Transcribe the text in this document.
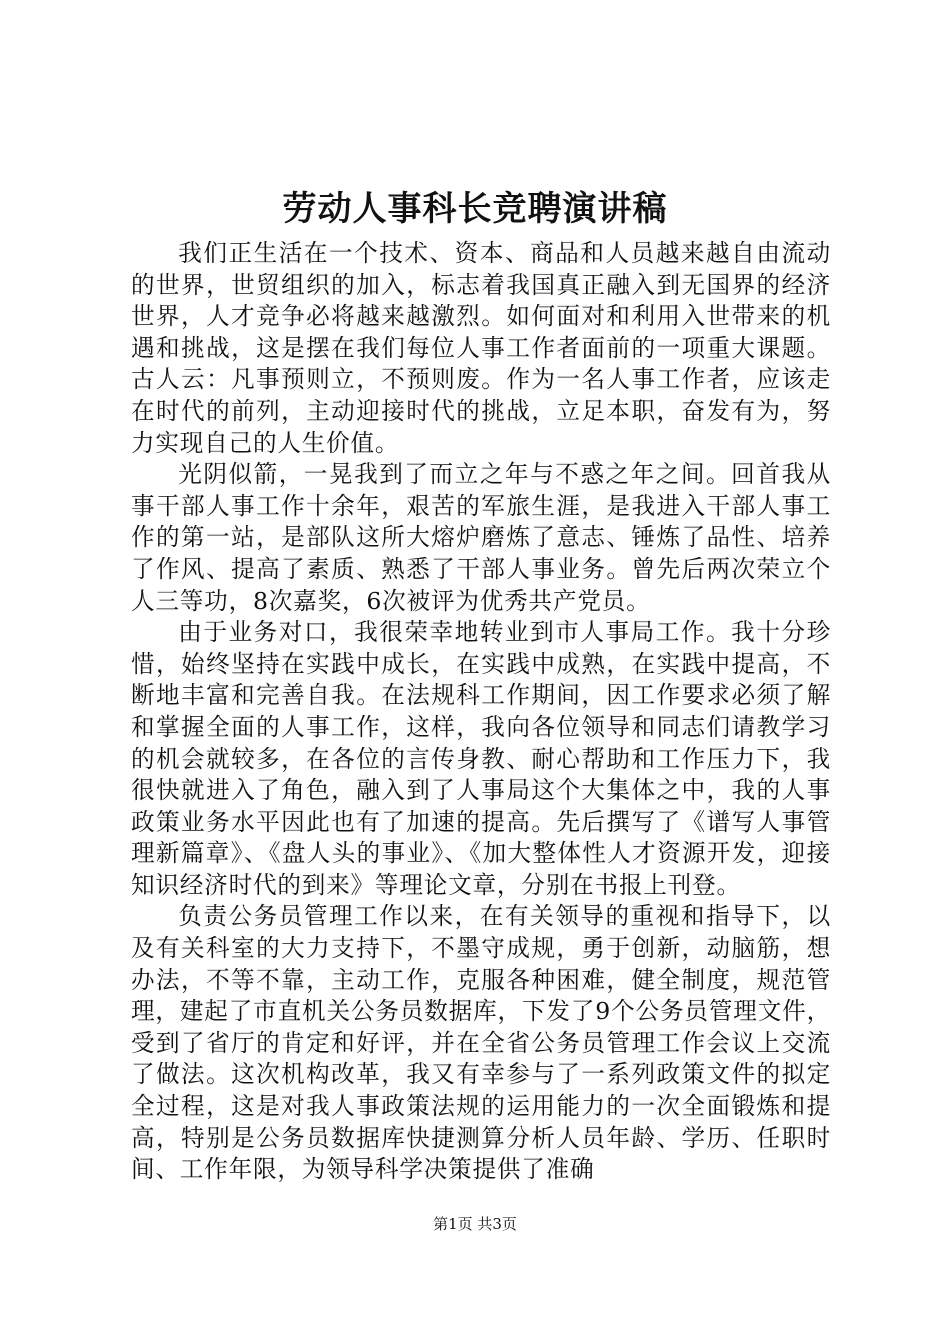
劳动人事科长竞聘演讲稿

我们正生活在一个技术、资本、商品和人员越来越自由流动的世界，世贸组织的加入，标志着我国真正融入到无国界的经济世界，人才竞争必将越来越激烈。如何面对和利用入世带来的机遇和挑战，这是摆在我们每位人事工作者面前的一项重大课题。古人云：凡事预则立，不预则废。作为一名人事工作者，应该走在时代的前列，主动迎接时代的挑战，立足本职，奋发有为，努力实现自己的人生价值。

光阴似箭，一晃我到了而立之年与不惑之年之间。回首我从事干部人事工作十余年，艰苦的军旅生涯，是我进入干部人事工作的第一站，是部队这所大熔炉磨炼了意志、锤炼了品性、培养了作风、提高了素质、熟悉了干部人事业务。曾先后两次荣立个人三等功，8次嘉奖，6次被评为优秀共产党员。

由于业务对口，我很荣幸地转业到市人事局工作。我十分珍惜，始终坚持在实践中成长，在实践中成熟，在实践中提高，不断地丰富和完善自我。在法规科工作期间，因工作要求必须了解和掌握全面的人事工作，这样，我向各位领导和同志们请教学习的机会就较多，在各位的言传身教、耐心帮助和工作压力下，我很快就进入了角色，融入到了人事局这个大集体之中，我的人事政策业务水平因此也有了加速的提高。先后撰写了《谱写人事管理新篇章》、《盘人头的事业》、《加大整体性人才资源开发，迎接知识经济时代的到来》等理论文章，分别在书报上刊登。

负责公务员管理工作以来，在有关领导的重视和指导下，以及有关科室的大力支持下，不墨守成规，勇于创新，动脑筋，想办法，不等不靠，主动工作，克服各种困难，健全制度，规范管理，建起了市直机关公务员数据库，下发了9个公务员管理文件，受到了省厅的肯定和好评，并在全省公务员管理工作会议上交流了做法。这次机构改革，我又有幸参与了一系列政策文件的拟定全过程，这是对我人事政策法规的运用能力的一次全面锻炼和提高，特别是公务员数据库快捷测算分析人员年龄、学历、任职时间、工作年限，为领导科学决策提供了准确

第1页 共3页
